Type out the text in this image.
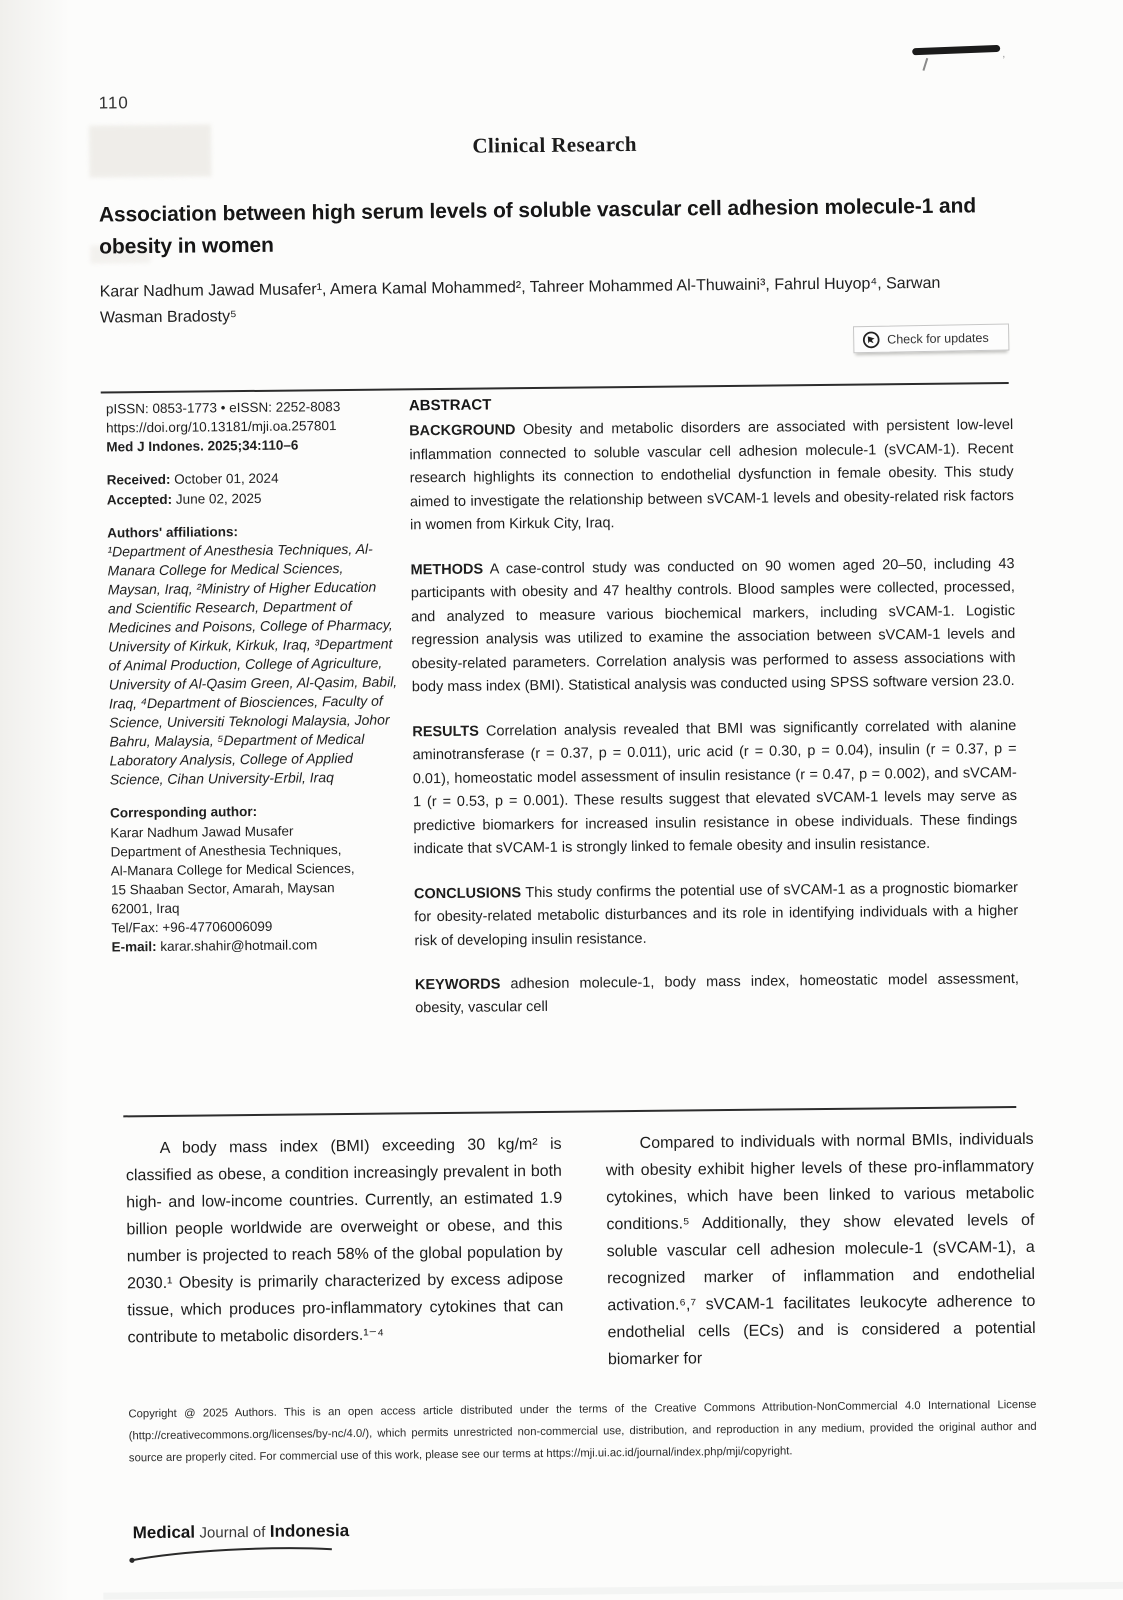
,
110
Clinical Research
Association between high serum levels of soluble vascular cell adhesion molecule-1 and obesity in women
Karar Nadhum Jawad Musafer¹, Amera Kamal Mohammed², Tahreer Mohammed Al-Thuwaini³, Fahrul Huyop⁴, Sarwan Wasman Bradosty⁵
Check for updates
pISSN: 0853-1773 • eISSN: 2252-8083
https://doi.org/10.13181/mji.oa.257801
Med J Indones. 2025;34:110–6
Received: October 01, 2024
Accepted: June 02, 2025
Authors' affiliations:
¹Department of Anesthesia Techniques, Al-Manara College for Medical Sciences, Maysan, Iraq, ²Ministry of Higher Education and Scientific Research, Department of Medicines and Poisons, College of Pharmacy, University of Kirkuk, Kirkuk, Iraq, ³Department of Animal Production, College of Agriculture, University of Al-Qasim Green, Al-Qasim, Babil, Iraq, ⁴Department of Biosciences, Faculty of Science, Universiti Teknologi Malaysia, Johor Bahru, Malaysia, ⁵Department of Medical Laboratory Analysis, College of Applied Science, Cihan University-Erbil, Iraq
Corresponding author:
Karar Nadhum Jawad Musafer
Department of Anesthesia Techniques,
Al-Manara College for Medical Sciences,
15 Shaaban Sector, Amarah, Maysan
62001, Iraq
Tel/Fax: +96-47706006099
E-mail: karar.shahir@hotmail.com
ABSTRACT

BACKGROUND Obesity and metabolic disorders are associated with persistent low-level inflammation connected to soluble vascular cell adhesion molecule-1 (sVCAM-1). Recent research highlights its connection to endothelial dysfunction in female obesity. This study aimed to investigate the relationship between sVCAM-1 levels and obesity-related risk factors in women from Kirkuk City, Iraq.

METHODS A case-control study was conducted on 90 women aged 20–50, including 43 participants with obesity and 47 healthy controls. Blood samples were collected, processed, and analyzed to measure various biochemical markers, including sVCAM-1. Logistic regression analysis was utilized to examine the association between sVCAM-1 levels and obesity-related parameters. Correlation analysis was performed to assess associations with body mass index (BMI). Statistical analysis was conducted using SPSS software version 23.0.

RESULTS Correlation analysis revealed that BMI was significantly correlated with alanine aminotransferase (r = 0.37, p = 0.011), uric acid (r = 0.30, p = 0.04), insulin (r = 0.37, p = 0.01), homeostatic model assessment of insulin resistance (r = 0.47, p = 0.002), and sVCAM-1 (r = 0.53, p = 0.001). These results suggest that elevated sVCAM-1 levels may serve as predictive biomarkers for increased insulin resistance in obese individuals. These findings indicate that sVCAM-1 is strongly linked to female obesity and insulin resistance.

CONCLUSIONS This study confirms the potential use of sVCAM-1 as a prognostic biomarker for obesity-related metabolic disturbances and its role in identifying individuals with a higher risk of developing insulin resistance.

KEYWORDS adhesion molecule-1, body mass index, homeostatic model assessment, obesity, vascular cell

A body mass index (BMI) exceeding 30 kg/m² is classified as obese, a condition increasingly prevalent in both high- and low-income countries. Currently, an estimated 1.9 billion people worldwide are overweight or obese, and this number is projected to reach 58% of the global population by 2030.¹ Obesity is primarily characterized by excess adipose tissue, which produces pro-inflammatory cytokines that can contribute to metabolic disorders.¹⁻⁴

Compared to individuals with normal BMIs, individuals with obesity exhibit higher levels of these pro-inflammatory cytokines, which have been linked to various metabolic conditions.⁵ Additionally, they show elevated levels of soluble vascular cell adhesion molecule-1 (sVCAM-1), a recognized marker of inflammation and endothelial activation.⁶,⁷ sVCAM-1 facilitates leukocyte adherence to endothelial cells (ECs) and is considered a potential biomarker for

Copyright @ 2025 Authors. This is an open access article distributed under the terms of the Creative Commons Attribution-NonCommercial 4.0 International License (http://creativecommons.org/licenses/by-nc/4.0/), which permits unrestricted non-commercial use, distribution, and reproduction in any medium, provided the original author and source are properly cited. For commercial use of this work, please see our terms at https://mji.ui.ac.id/journal/index.php/mji/copyright.
Medical Journal of Indonesia
